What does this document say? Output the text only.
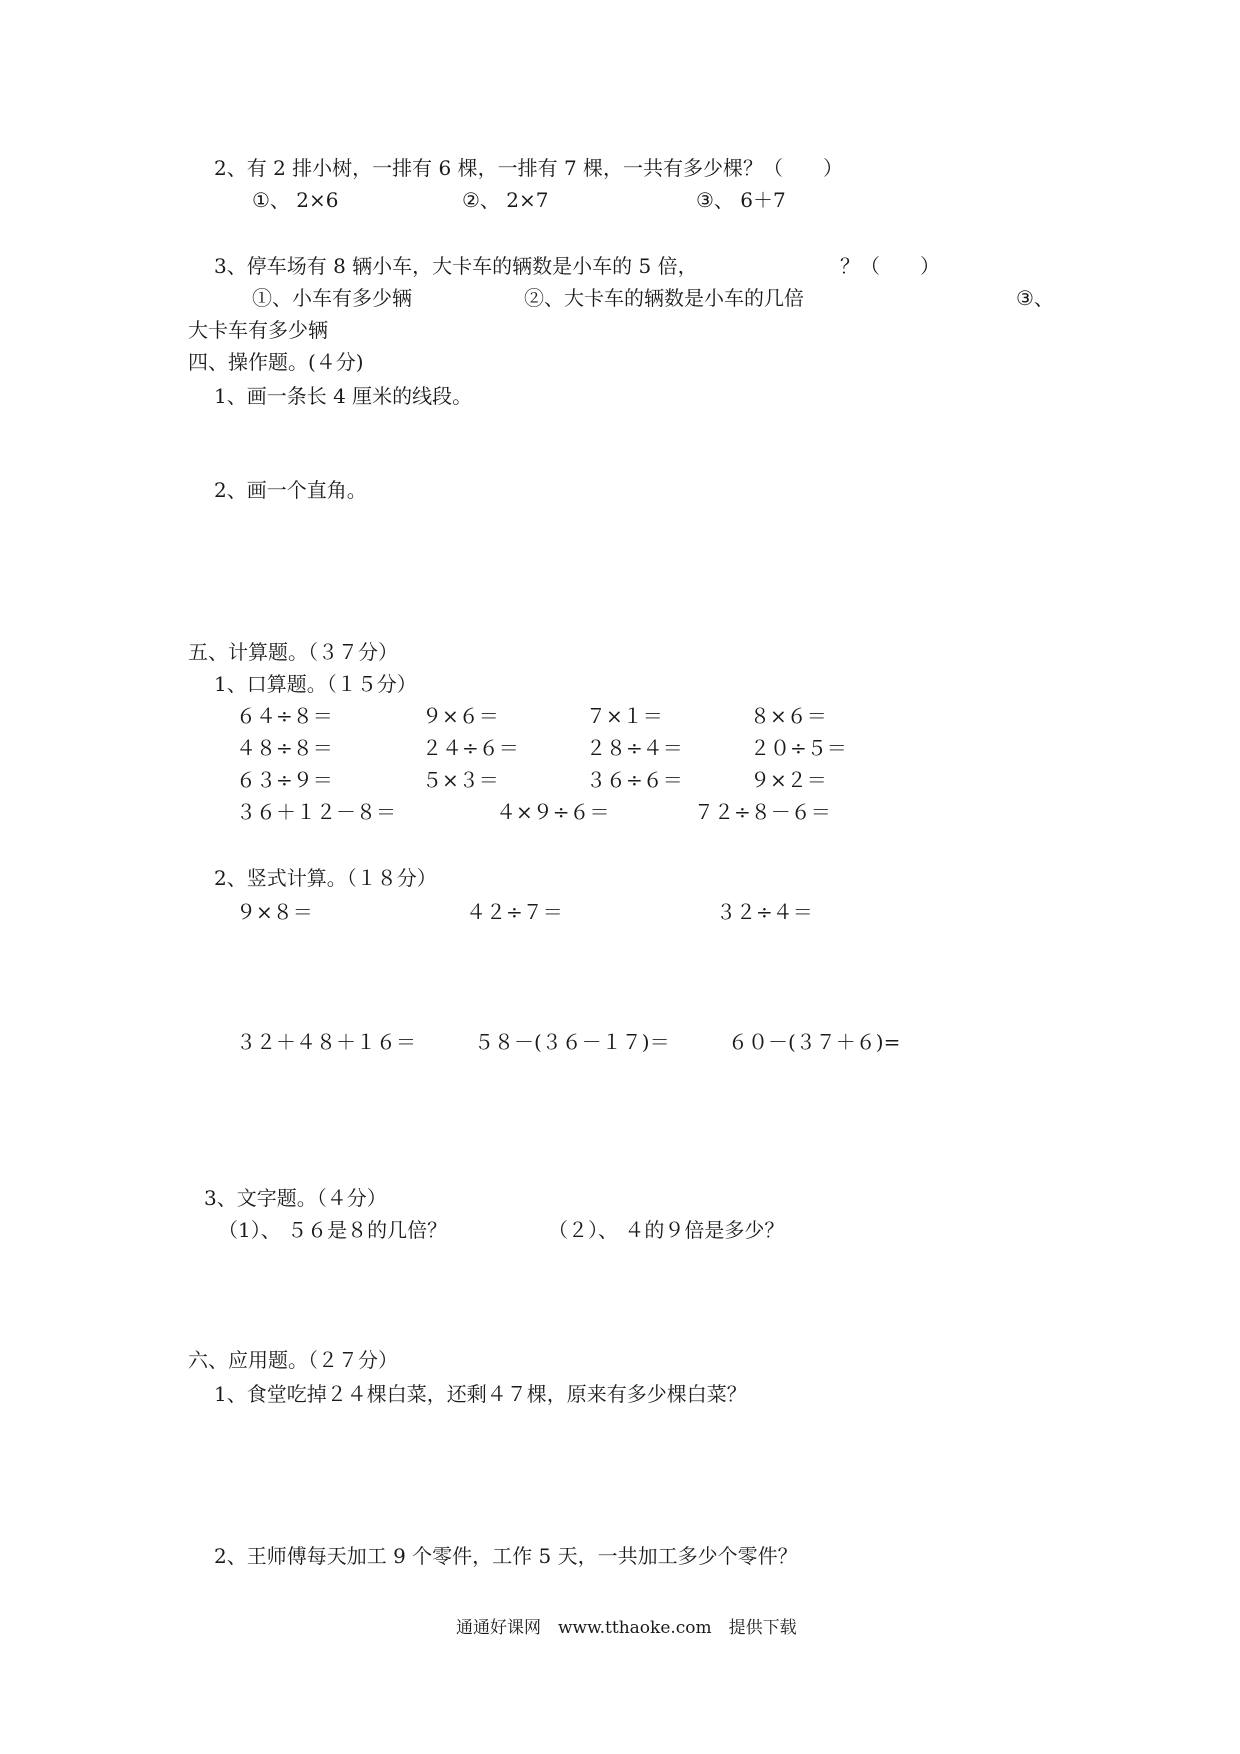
2、有 2 排小树，一排有 6 棵，一排有 7 棵，一共有多少棵？（　　）
①、 2×6	②、 2×7	③、 6＋7
3、停车场有 8 辆小车，大卡车的辆数是小车的 5 倍，	？（　　）
①、小车有多少辆	②、大卡车的辆数是小车的几倍	③、
大卡车有多少辆
四、操作题。(４分)
1、画一条长 4 厘米的线段。
2、画一个直角。
五、计算题。（３７分）
1、口算题。（１５分）
６４÷８＝	９×６＝	７×１＝	８×６＝
４８÷８＝	２４÷６＝	２８÷４＝	２０÷５＝
６３÷９＝	５×３＝	３６÷６＝	９×２＝
３６＋１２－８＝	４×９÷６＝	７２÷８－６＝
2、竖式计算。（１８分）
９×８＝	４２÷７＝	３２÷４＝
３２＋４８＋１６＝	５８－(３６－１７)＝	６０－(３７＋６)=
3、文字题。（４分）
（1）、 ５６是８的几倍？	（２）、 ４的９倍是多少？
六、应用题。（２７分）
1、食堂吃掉２４棵白菜，还剩４７棵，原来有多少棵白菜？
2、王师傅每天加工 9 个零件，工作 5 天，一共加工多少个零件？
通通好课网　www.tthaoke.com　提供下载
